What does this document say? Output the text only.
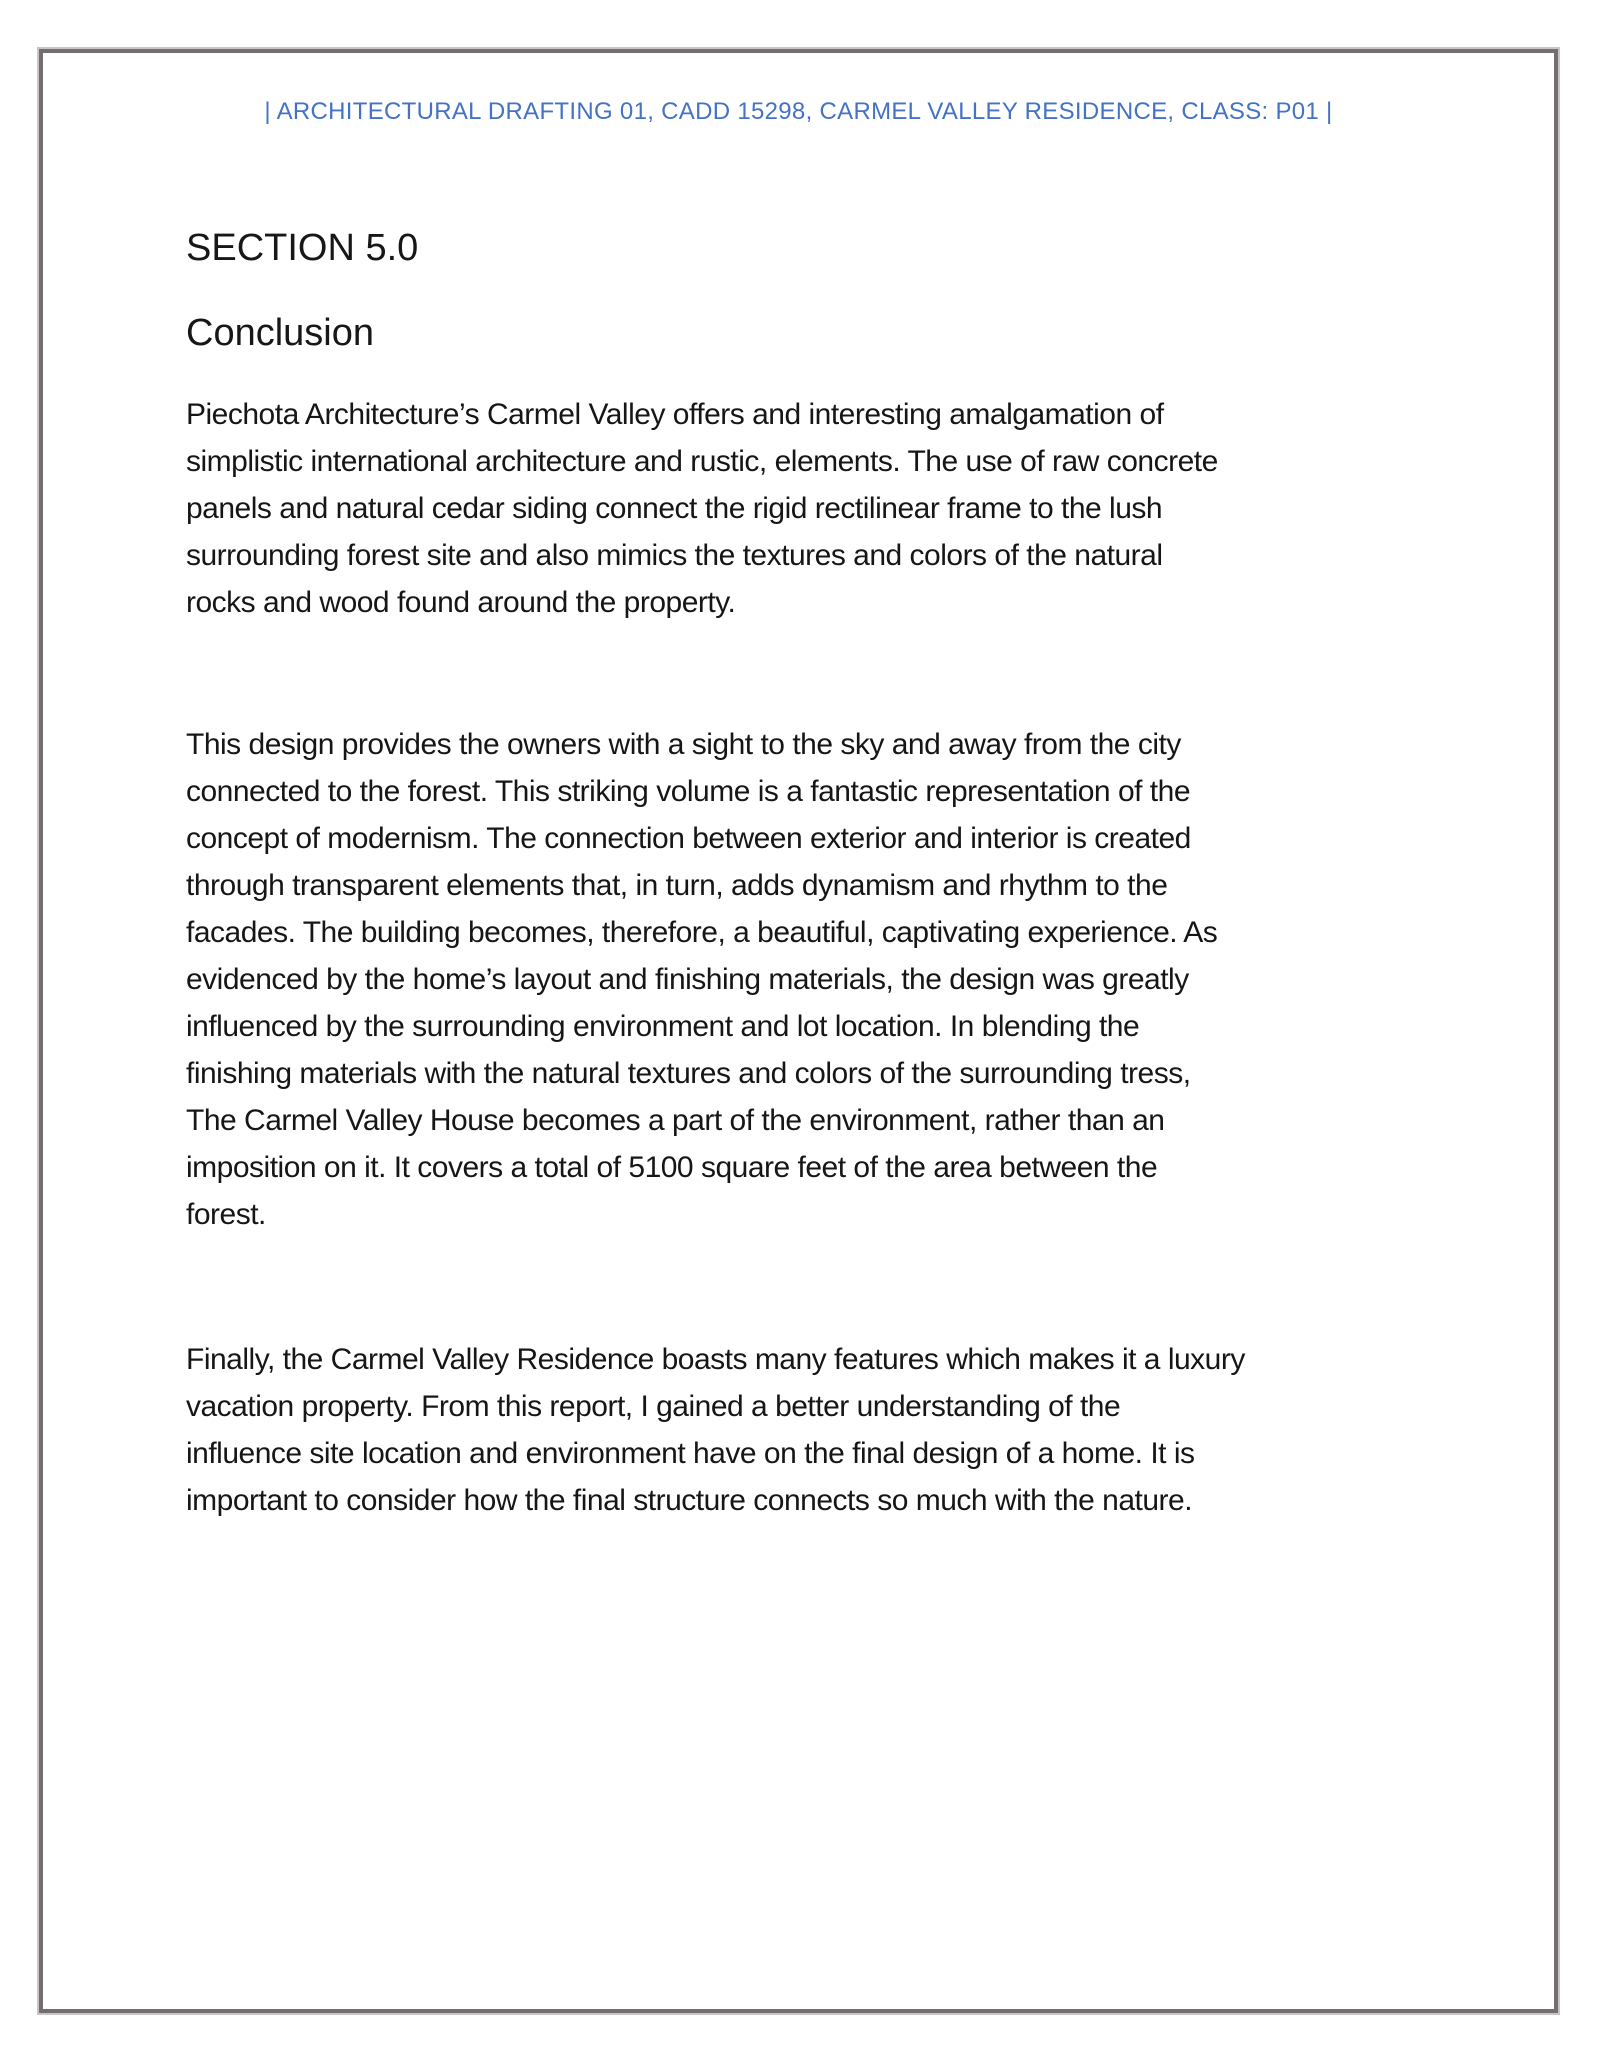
| ARCHITECTURAL DRAFTING 01, CADD 15298, CARMEL VALLEY RESIDENCE, CLASS: P01 |
SECTION 5.0
Conclusion
Piechota Architecture’s Carmel Valley offers and interesting amalgamation of
simplistic international architecture and rustic, elements. The use of raw concrete
panels and natural cedar siding connect the rigid rectilinear frame to the lush
surrounding forest site and also mimics the textures and colors of the natural
rocks and wood found around the property.
This design provides the owners with a sight to the sky and away from the city
connected to the forest. This striking volume is a fantastic representation of the
concept of modernism. The connection between exterior and interior is created
through transparent elements that, in turn, adds dynamism and rhythm to the
facades. The building becomes, therefore, a beautiful, captivating experience. As
evidenced by the home’s layout and finishing materials, the design was greatly
influenced by the surrounding environment and lot location. In blending the
finishing materials with the natural textures and colors of the surrounding tress,
The Carmel Valley House becomes a part of the environment, rather than an
imposition on it. It covers a total of 5100 square feet of the area between the
forest.
Finally, the Carmel Valley Residence boasts many features which makes it a luxury
vacation property. From this report, I gained a better understanding of the
influence site location and environment have on the final design of a home. It is
important to consider how the final structure connects so much with the nature.
